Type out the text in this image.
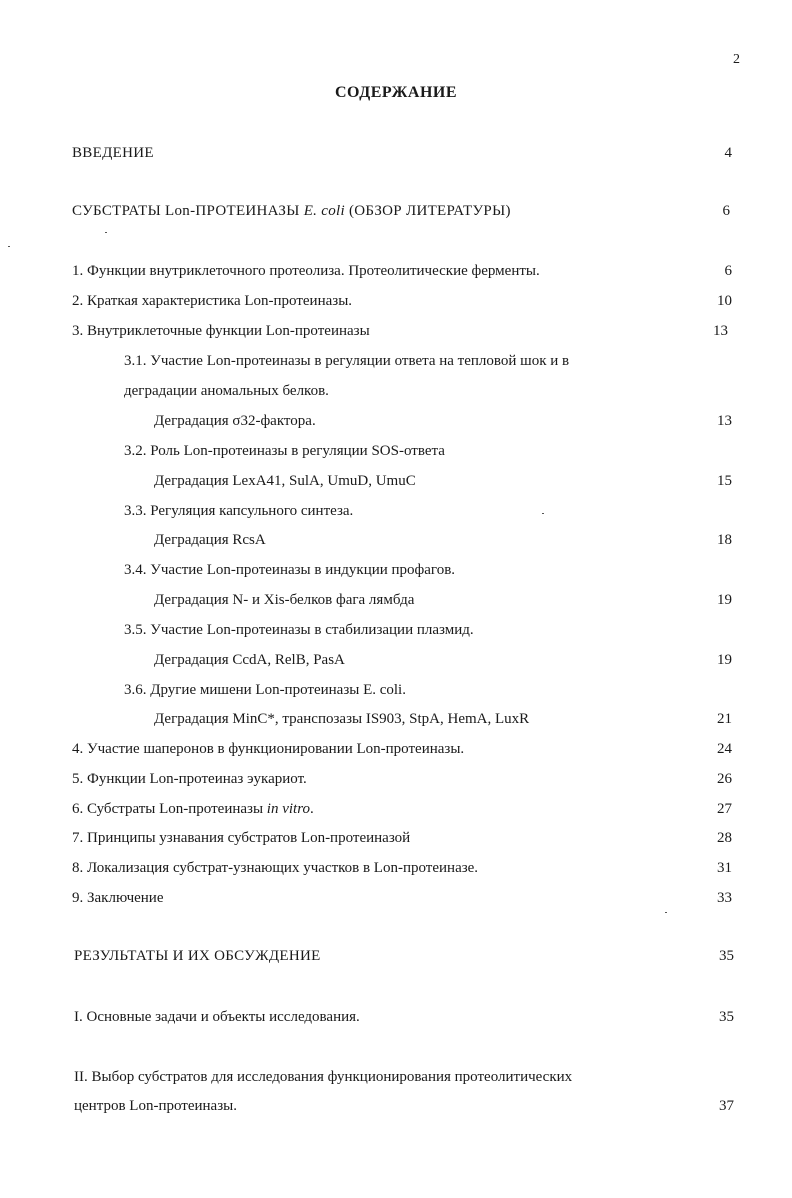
2
СОДЕРЖАНИЕ
ВВЕДЕНИЕ	4
СУБСТРАТЫ Lon-ПРОТЕИНАЗЫ E. coli (ОБЗОР ЛИТЕРАТУРЫ)	6
1. Функции внутриклеточного протеолиза. Протеолитические ферменты.	6
2. Краткая характеристика Lon-протеиназы.	10
3. Внутриклеточные функции Lon-протеиназы	13
3.1. Участие Lon-протеиназы в регуляции ответа на тепловой шок и в
деградации аномальных белков.
Деградация σ32-фактора.	13
3.2. Роль Lon-протеиназы в регуляции SOS-ответа
Деградация LexA41, SulA, UmuD, UmuC	15
3.3. Регуляция капсульного синтеза.
Деградация RcsA	18
3.4. Участие Lon-протеиназы в индукции профагов.
Деградация N- и Xis-белков фага лямбда	19
3.5. Участие Lon-протеиназы в стабилизации плазмид.
Деградация CcdA, RelB, PasA	19
3.6. Другие мишени Lon-протеиназы E. coli.
Деградация MinC*, транспозазы IS903, StpA, HemA, LuxR	21
4. Участие шаперонов в функционировании Lon-протеиназы.	24
5. Функции Lon-протеиназ эукариот.	26
6. Субстраты Lon-протеиназы in vitro.	27
7. Принципы узнавания субстратов Lon-протеиназой	28
8. Локализация субстрат-узнающих участков в Lon-протеиназе.	31
9. Заключение	33
РЕЗУЛЬТАТЫ И ИХ ОБСУЖДЕНИЕ	35
I. Основные задачи и объекты исследования.	35
II. Выбор субстратов для исследования функционирования протеолитических
центров Lon-протеиназы.	37
